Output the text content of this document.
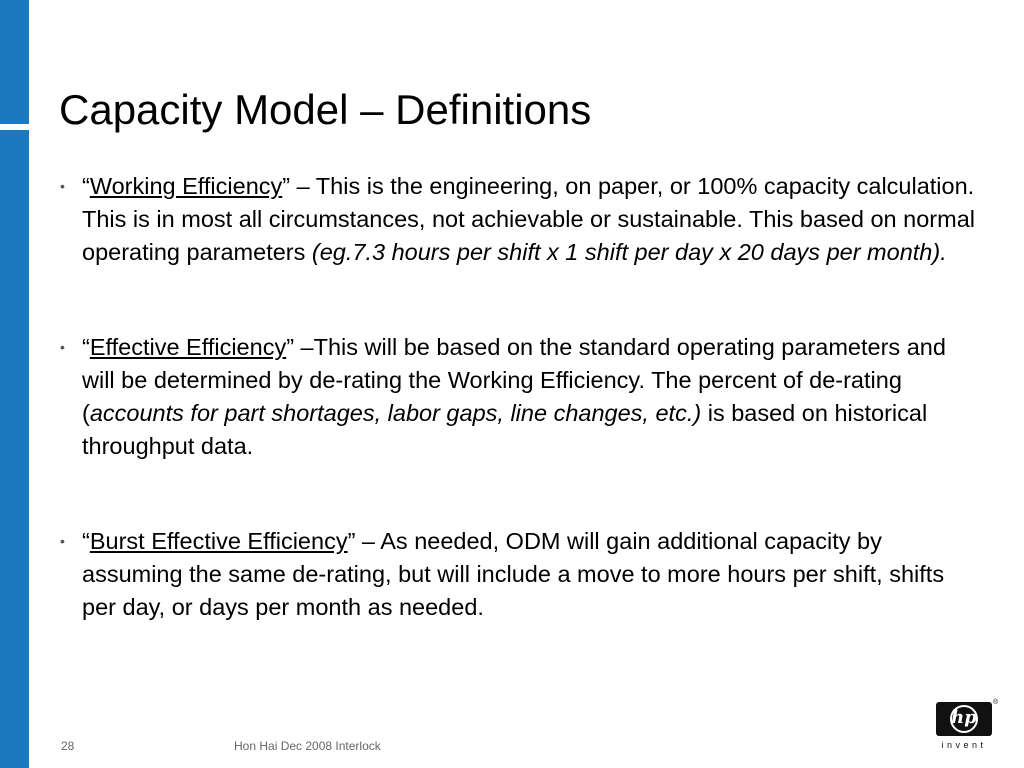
Capacity Model – Definitions
• “Working Efficiency” – This is the engineering, on paper, or 100% capacity calculation. This is in most all circumstances, not achievable or sustainable. This based on normal operating parameters (eg.7.3 hours per shift x 1 shift per day x 20 days per month).
• “Effective Efficiency” –This will be based on the standard operating parameters and will be determined by de-rating the Working Efficiency. The percent of de-rating (accounts for part shortages, labor gaps, line changes, etc.) is based on historical throughput data.
• “Burst Effective Efficiency” – As needed, ODM will gain additional capacity by assuming the same de-rating, but will include a move to more hours per shift, shifts per day, or days per month as needed.
28	Hon Hai Dec 2008 Interlock
hp
®
invent
